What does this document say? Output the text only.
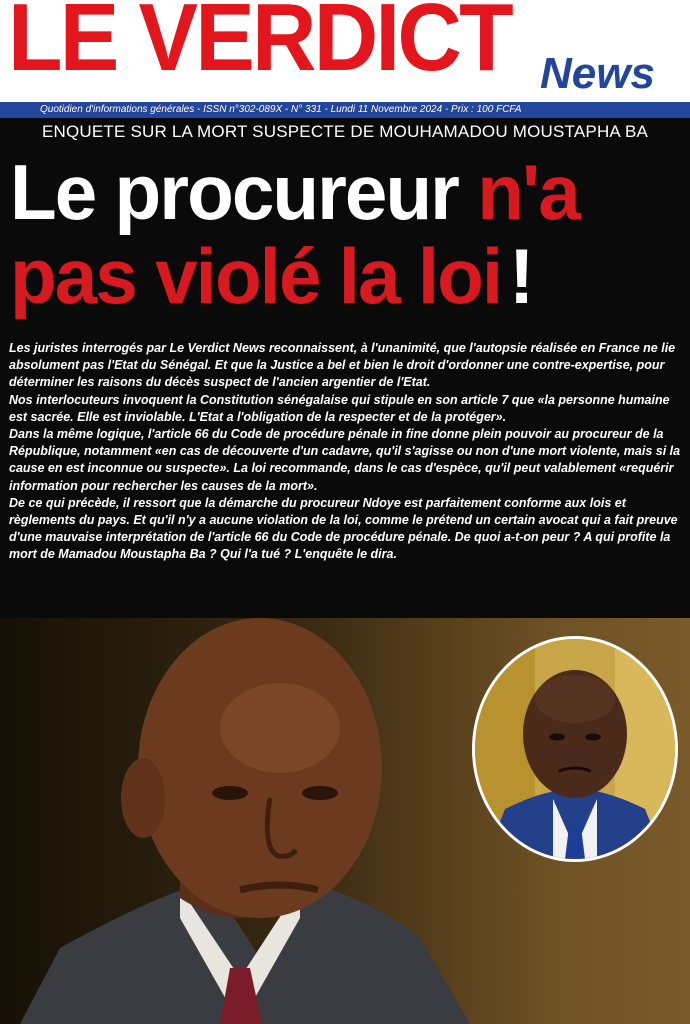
LE VERDICT News
Quotidien d'informations générales - ISSN n°302-089X - N° 331 - Lundi 11 Novembre 2024 - Prix : 100 FCFA
ENQUETE SUR LA MORT SUSPECTE DE MOUHAMADOU MOUSTAPHA BA
Le procureur n'a
pas violé la loi !

Les juristes interrogés par Le Verdict News reconnaissent, à l'unanimité, que l'autopsie réalisée en France ne lie absolument pas l'Etat du Sénégal. Et que la Justice a bel et bien le droit d'ordonner une contre-expertise, pour déterminer les raisons du décès suspect de l'ancien argentier de l'Etat.

Nos interlocuteurs invoquent la Constitution sénégalaise qui stipule en son article 7 que «la personne humaine est sacrée. Elle est inviolable. L'Etat a l'obligation de la respecter et de la protéger».

Dans la même logique, l'article 66 du Code de procédure pénale in fine donne plein pouvoir au procureur de la République, notamment «en cas de découverte d'un cadavre, qu'il s'agisse ou non d'une mort violente, mais si la cause en est inconnue ou suspecte». La loi recommande, dans le cas d'espèce, qu'il peut valablement «requérir information pour rechercher les causes de la mort».

De ce qui précède, il ressort que la démarche du procureur Ndoye est parfaitement conforme aux lois et règlements du pays. Et qu'il n'y a aucune violation de la loi, comme le prétend un certain avocat qui a fait preuve d'une mauvaise interprétation de l'article 66 du Code de procédure pénale. De quoi a-t-on peur ? A qui profite la mort de Mamadou Moustapha Ba ? Qui l'a tué ? L'enquête le dira.
